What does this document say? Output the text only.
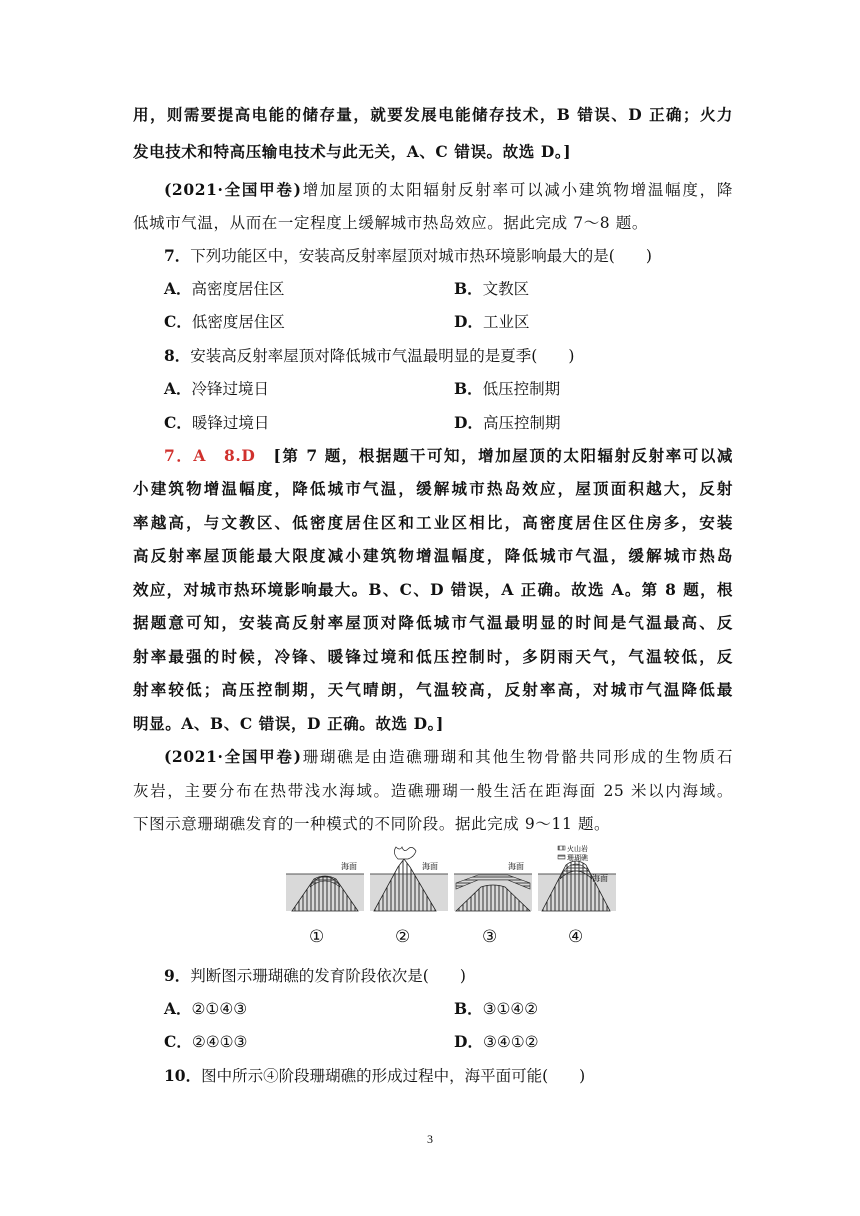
用，则需要提高电能的储存量，就要发展电能储存技术，B 错误、D 正确；火力
发电技术和特高压输电技术与此无关，A、C 错误。故选 D。]
(2021·全国甲卷)增加屋顶的太阳辐射反射率可以减小建筑物增温幅度，降
低城市气温，从而在一定程度上缓解城市热岛效应。据此完成 7～8 题。
7．下列功能区中，安装高反射率屋顶对城市热环境影响最大的是(　　)
A．高密度居住区	B．文教区
C．低密度居住区	D．工业区
8．安装高反射率屋顶对降低城市气温最明显的是夏季(　　)
A．冷锋过境日	B．低压控制期
C．暖锋过境日	D．高压控制期
7．A　8.D　 [第 7 题，根据题干可知，增加屋顶的太阳辐射反射率可以减
小建筑物增温幅度，降低城市气温，缓解城市热岛效应，屋顶面积越大，反射
率越高，与文教区、低密度居住区和工业区相比，高密度居住区住房多，安装
高反射率屋顶能最大限度减小建筑物增温幅度，降低城市气温，缓解城市热岛
效应，对城市热环境影响最大。B、C、D 错误，A 正确。故选 A。第 8 题，根
据题意可知，安装高反射率屋顶对降低城市气温最明显的时间是气温最高、反
射率最强的时候，冷锋、暖锋过境和低压控制时，多阴雨天气，气温较低，反
射率较低；高压控制期，天气晴朗，气温较高，反射率高，对城市气温降低最
明显。A、B、C 错误，D 正确。故选 D。]
(2021·全国甲卷)珊瑚礁是由造礁珊瑚和其他生物骨骼共同形成的生物质石
灰岩，主要分布在热带浅水海域。造礁珊瑚一般生活在距海面 25 米以内海域。
下图示意珊瑚礁发育的一种模式的不同阶段。据此完成 9～11 题。
海面	海面	海面
海面
火山岩
珊瑚礁
①	②	③	④
9．判断图示珊瑚礁的发育阶段依次是(　　)
A．②①④③	B．③①④②
C．②④①③	D．③④①②
10．图中所示④阶段珊瑚礁的形成过程中，海平面可能(　　)
3
